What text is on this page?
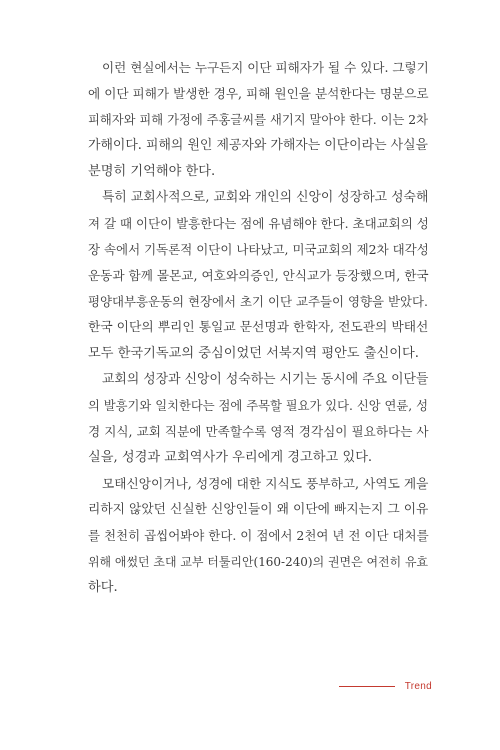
이런 현실에서는 누구든지 이단 피해자가 될 수 있다. 그렇기
에 이단 피해가 발생한 경우, 피해 원인을 분석한다는 명분으로
피해자와 피해 가정에 주홍글씨를 새기지 말아야 한다. 이는 2차
가해이다. 피해의 원인 제공자와 가해자는 이단이라는 사실을
분명히 기억해야 한다.
특히 교회사적으로, 교회와 개인의 신앙이 성장하고 성숙해
져 갈 때 이단이 발흥한다는 점에 유념해야 한다. 초대교회의 성
장 속에서 기독론적 이단이 나타났고, 미국교회의 제2차 대각성
운동과 함께 몰몬교, 여호와의증인, 안식교가 등장했으며, 한국
평양대부흥운동의 현장에서 초기 이단 교주들이 영향을 받았다.
한국 이단의 뿌리인 통일교 문선명과 한학자, 전도관의 박태선
모두 한국기독교의 중심이었던 서북지역 평안도 출신이다.
교회의 성장과 신앙이 성숙하는 시기는 동시에 주요 이단들
의 발흥기와 일치한다는 점에 주목할 필요가 있다. 신앙 연륜, 성
경 지식, 교회 직분에 만족할수록 영적 경각심이 필요하다는 사
실을, 성경과 교회역사가 우리에게 경고하고 있다.
모태신앙이거나, 성경에 대한 지식도 풍부하고, 사역도 게을
리하지 않았던 신실한 신앙인들이 왜 이단에 빠지는지 그 이유
를 천천히 곱씹어봐야 한다. 이 점에서 2천여 년 전 이단 대처를
위해 애썼던 초대 교부 터툴리안(160-240)의 권면은 여전히 유효
하다.
Trend
